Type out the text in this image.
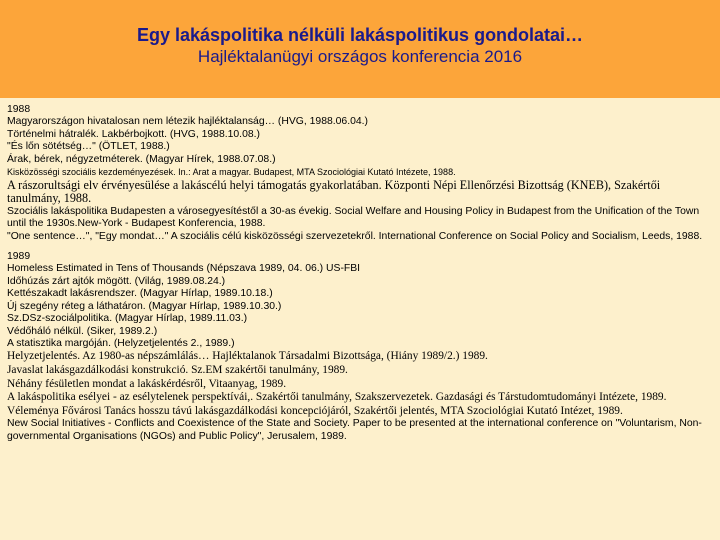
Egy lakáspolitika nélküli lakáspolitikus gondolatai…
Hajléktalanügyi országos konferencia 2016
1988
Magyarországon hivatalosan nem létezik hajléktalanság… (HVG, 1988.06.04.)
Történelmi hátralék. Lakbérbojkott. (HVG, 1988.10.08.)
"És lőn sötétség…" (ÖTLET, 1988.)
Árak, bérek, négyzetméterek. (Magyar Hírek, 1988.07.08.)
Kisközösségi szociális kezdeményezések. In.: Arat a magyar. Budapest, MTA Szociológiai Kutató Intézete, 1988.
A rászorultsági elv érvényesülése a lakáscélú helyi támogatás gyakorlatában. Központi Népi Ellenőrzési Bizottság (KNEB), Szakértői tanulmány, 1988.
Szociális lakáspolitika Budapesten a városegyesítéstől a 30-as évekig. Social Welfare and Housing Policy in Budapest from the Unification of the Town until the 1930s.New-York - Budapest Konferencia, 1988.
"One sentence…", "Egy mondat…" A szociális célú kisközösségi szervezetekről. International Conference on Social Policy and Socialism, Leeds, 1988.
1989
Homeless Estimated in Tens of Thousands (Népszava 1989, 04. 06.) US-FBI
Időhúzás zárt ajtók mögött. (Világ, 1989.08.24.)
Kettészakadt lakásrendszer. (Magyar Hírlap, 1989.10.18.)
Új szegény réteg a láthatáron. (Magyar Hírlap, 1989.10.30.)
Sz.DSz-szociálpolitika. (Magyar Hírlap, 1989.11.03.)
Védőháló nélkül. (Siker, 1989.2.)
A statisztika margóján. (Helyzetjelentés 2., 1989.)
Helyzetjelentés. Az 1980-as népszámlálás… Hajléktalanok Társadalmi Bizottsága, (Hiány 1989/2.) 1989.
Javaslat lakásgazdálkodási konstrukció. Sz.EM szakértői tanulmány, 1989.
Néhány fésületlen mondat a lakáskérdésről, Vitaanyag, 1989.
A lakáspolitika esélyei - az esélytelenek perspektívái,. Szakértői tanulmány, Szakszervezetek. Gazdasági és Társtudomtudományi Intézete, 1989.
Véleménya Fővárosi Tanács hosszu távú lakásgazdálkodási koncepciójáról, Szakértői jelentés, MTA Szociológiai Kutató Intézet, 1989.
New Social Initiatives - Conflicts and Coexistence of the State and Society. Paper to be presented at the international conference on "Voluntarism, Non-governmental Organisations (NGOs) and Public Policy", Jerusalem, 1989.
